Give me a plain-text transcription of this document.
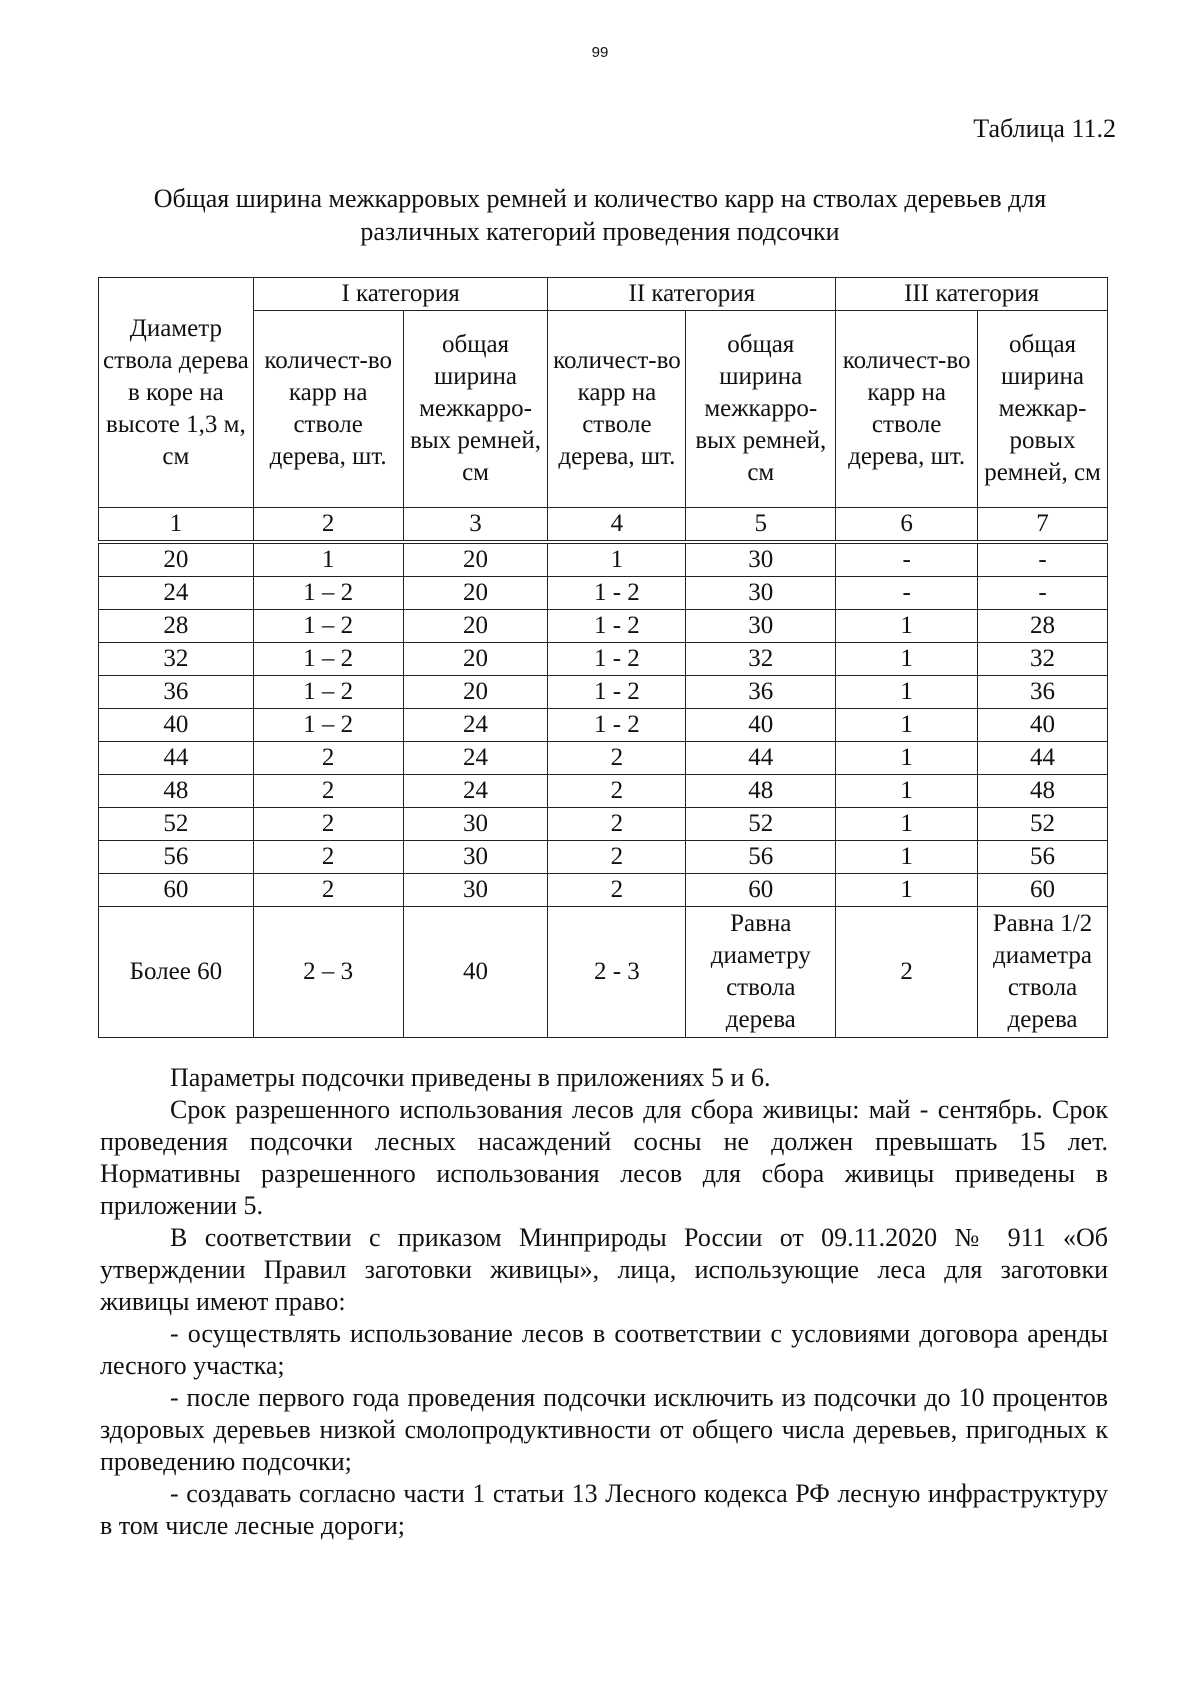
99
Таблица 11.2
Общая ширина межкарровых ремней и количество карр на стволах деревьев для различных категорий проведения подсочки
Диаметр ствола дерева в коре на высоте 1,3 м, см	I категория		II категория		III категория	
	количест-во карр на стволе дерева, шт.	общая ширина межкарро-вых ремней, см	количест-во карр на стволе дерева, шт.	общая ширина межкарро-вых ремней, см	количест-во карр на стволе дерева, шт.	общая ширина межкар-ровых ремней, см
1	2	3	4	5	6	7
20	1	20	1	30	-	-
24	1 – 2	20	1 - 2	30	-	-
28	1 – 2	20	1 - 2	30	1	28
32	1 – 2	20	1 - 2	32	1	32
36	1 – 2	20	1 - 2	36	1	36
40	1 – 2	24	1 - 2	40	1	40
44	2	24	2	44	1	44
48	2	24	2	48	1	48
52	2	30	2	52	1	52
56	2	30	2	56	1	56
60	2	30	2	60	1	60
Более 60	2 – 3	40	2 - 3	Равна диаметру ствола дерева	2	Равна 1/2 диаметра ствола дерева

Параметры подсочки приведены в приложениях 5 и 6.

Срок разрешенного использования лесов для сбора живицы: май - сентябрь. Срок проведения подсочки лесных насаждений сосны не должен превышать 15 лет. Нормативны разрешенного использования лесов для сбора живицы приведены в приложении 5.

В соответствии с приказом Минприроды России от 09.11.2020 № 911 «Об утверждении Правил заготовки живицы», лица, использующие леса для заготовки живицы имеют право:

- осуществлять использование лесов в соответствии с условиями договора аренды лесного участка;

- после первого года проведения подсочки исключить из подсочки до 10 процентов здоровых деревьев низкой смолопродуктивности от общего числа деревьев, пригодных к проведению подсочки;

- создавать согласно части 1 статьи 13 Лесного кодекса РФ лесную инфраструктуру в том числе лесные дороги;
